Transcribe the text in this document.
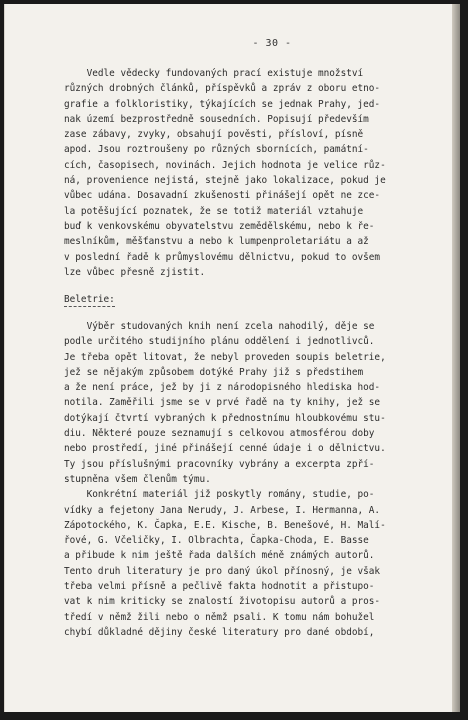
- 30 -
Vedle vědecky fundovaných prací existuje množství
různých drobných článků, příspěvků a zpráv z oboru etno-
grafie a folkloristiky, týkajících se jednak Prahy, jed-
nak území bezprostředně sousedních. Popisují především
zase zábavy, zvyky, obsahují pověsti, přísloví, písně
apod. Jsou roztroušeny po různých sbornících, památní-
cích, časopisech, novinách. Jejich hodnota je velice růz-
ná, provenience nejistá, stejně jako lokalizace, pokud je
vůbec udána. Dosavadní zkušenosti přinášejí opět ne zce-
la potěšující poznatek, že se totiž materiál vztahuje
buď k venkovskému obyvatelstvu zemědělskému, nebo k ře-
meslníkům, měšťanstvu a nebo k lumpenproletariátu a až
v poslední řadě k průmyslovému dělnictvu, pokud to ovšem
lze vůbec přesně zjistit.
Beletrie:
Výběr studovaných knih není zcela nahodilý, děje se
podle určitého studijního plánu oddělení i jednotlivců.
Je třeba opět litovat, že nebyl proveden soupis beletrie,
jež se nějakým způsobem dotýké Prahy již s předstihem
a že není práce, jež by ji z národopisného hlediska hod-
notila. Zaměřili jsme se v prvé řadě na ty knihy, jež se
dotýkají čtvrtí vybraných k přednostnímu hloubkovému stu-
diu. Některé pouze seznamují s celkovou atmosférou doby
nebo prostředí, jiné přinášejí cenné údaje i o dělnictvu.
Ty jsou příslušnými pracovníky vybrány a excerpta zpří-
stupněna všem členům týmu.
Konkrétní materiál již poskytly romány, studie, po-
vídky a fejetony Jana Nerudy, J. Arbese, I. Hermanna, A.
Zápotockého, K. Čapka, E.E. Kische, B. Benešové, H. Malí-
řové, G. Včeličky, I. Olbrachta, Čapka-Choda, E. Basse
a přibude k nim ještě řada dalších méně známých autorů.
Tento druh literatury je pro daný úkol přínosný, je však
třeba velmi přísně a pečlivě fakta hodnotit a přistupo-
vat k nim kriticky se znalostí životopisu autorů a pros-
tředí v němž žili nebo o němž psali. K tomu nám bohužel
chybí důkladné dějiny české literatury pro dané období,
